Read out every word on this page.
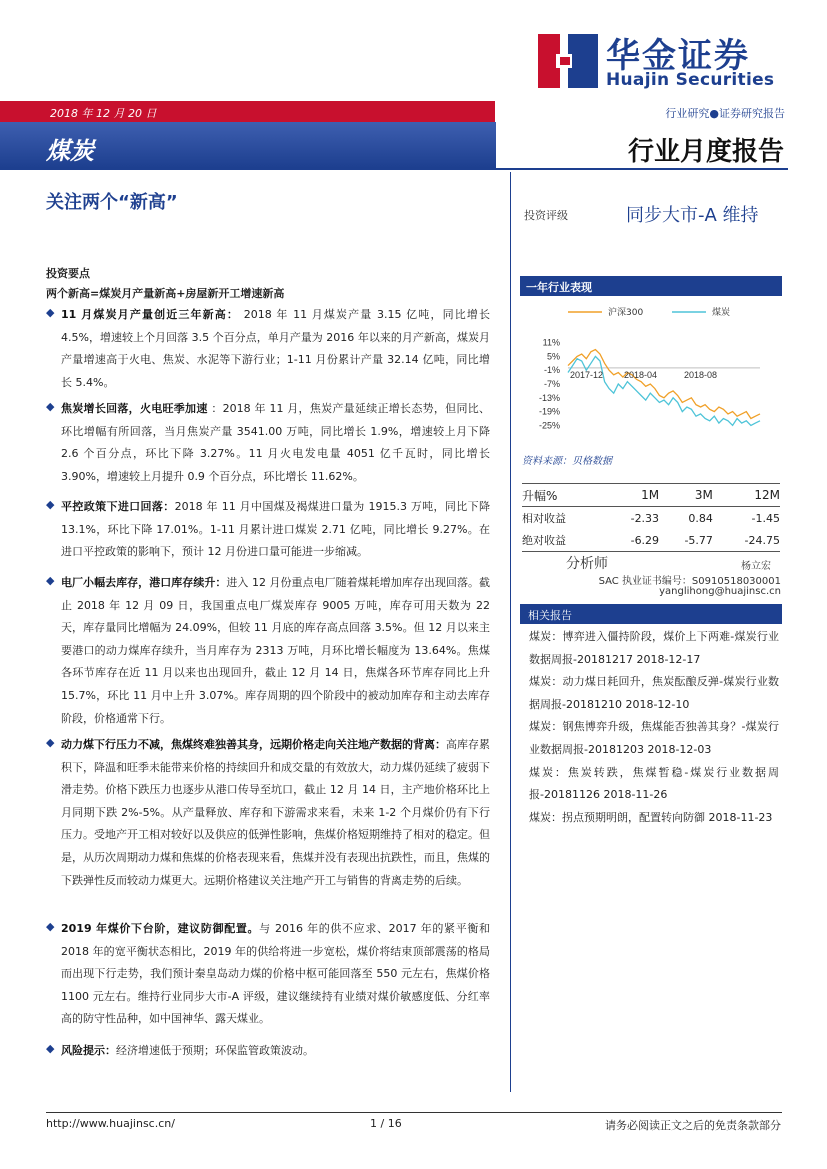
华金证券
Huajin Securities
2018 年 12 月 20 日	行业研究●证券研究报告
煤炭	行业月度报告
关注两个“新高”
投资评级	同步大市-A 维持
投资要点
两个新高=煤炭月产量新高+房屋新开工增速新高
◆ 11 月煤炭月产量创近三年新高： 2018 年 11 月煤炭产量 3.15 亿吨，同比增长 4.5%，增速较上个月回落 3.5 个百分点，单月产量为 2016 年以来的月产新高，煤炭月产量增速高于火电、焦炭、水泥等下游行业；1-11 月份累计产量 32.14 亿吨，同比增长 5.4%。

◆ 焦炭增长回落，火电旺季加速 ：2018 年 11 月，焦炭产量延续正增长态势，但同比、环比增幅有所回落，当月焦炭产量 3541.00 万吨，同比增长 1.9%，增速较上月下降 2.6 个百分点，环比下降 3.27%。11 月火电发电量 4051 亿千瓦时，同比增长 3.90%，增速较上月提升 0.9 个百分点，环比增长 11.62%。

◆ 平控政策下进口回落：2018 年 11 月中国煤及褐煤进口量为 1915.3 万吨，同比下降 13.1%，环比下降 17.01%。1-11 月累计进口煤炭 2.71 亿吨，同比增长 9.27%。在进口平控政策的影响下，预计 12 月份进口量可能进一步缩减。

◆ 电厂小幅去库存，港口库存续升：进入 12 月份重点电厂随着煤耗增加库存出现回落。截止 2018 年 12 月 09 日，我国重点电厂煤炭库存 9005 万吨，库存可用天数为 22 天，库存量同比增幅为 24.09%，但较 11 月底的库存高点回落 3.5%。但 12 月以来主要港口的动力煤库存续升，当月库存为 2313 万吨，月环比增长幅度为 13.64%。焦煤各环节库存在近 11 月以来也出现回升，截止 12 月 14 日，焦煤各环节库存同比上升 15.7%，环比 11 月中上升 3.07%。库存周期的四个阶段中的被动加库存和主动去库存阶段，价格通常下行。

◆ 动力煤下行压力不减，焦煤终难独善其身，远期价格走向关注地产数据的背离：高库存累积下，降温和旺季未能带来价格的持续回升和成交量的有效放大，动力煤仍延续了疲弱下滑走势。价格下跌压力也逐步从港口传导至坑口，截止 12 月 14 日，主产地价格环比上月同期下跌 2%-5%。从产量释放、库存和下游需求来看，未来 1-2 个月煤价仍有下行压力。受地产开工相对较好以及供应的低弹性影响，焦煤价格短期维持了相对的稳定。但是，从历次周期动力煤和焦煤的价格表现来看，焦煤并没有表现出抗跌性，而且，焦煤的下跌弹性反而较动力煤更大。远期价格建议关注地产开工与销售的背离走势的后续。

◆ 2019 年煤价下台阶，建议防御配置。与 2016 年的供不应求、2017 年的紧平衡和 2018 年的宽平衡状态相比，2019 年的供给将进一步宽松，煤价将结束顶部震荡的格局而出现下行走势，我们预计秦皇岛动力煤的价格中枢可能回落至 550 元左右，焦煤价格 1100 元左右。维持行业同步大市-A 评级，建议继续持有业绩对煤价敏感度低、分红率高的防守性品种，如中国神华、露天煤业。

◆ 风险提示：经济增速低于预期；环保监管政策波动。

一年行业表现
11%
5%
-1%
-7%
-13%
-19%
-25%
2017-12 2018-04	2018-08
沪深300	煤炭
资料来源：贝格数据
升幅%	1M	3M	12M
相对收益	-2.33	0.84	-1.45
绝对收益	-6.29	-5.77	-24.75
分析师	杨立宏
SAC 执业证书编号：S0910518030001
yanglihong@huajinsc.cn
相关报告

煤炭：博弈进入僵持阶段，煤价上下两难-煤炭行业数据周报-20181217 2018-12-17

煤炭：动力煤日耗回升，焦炭酝酿反弹-煤炭行业数据周报-20181210 2018-12-10

煤炭：钢焦博弈升级，焦煤能否独善其身？-煤炭行业数据周报-20181203 2018-12-03

煤炭：焦炭转跌，焦煤暂稳-煤炭行业数据周报-20181126 2018-11-26

煤炭：拐点预期明朗，配置转向防御 2018-11-23

http://www.huajinsc.cn/	1 / 16	请务必阅读正文之后的免责条款部分
